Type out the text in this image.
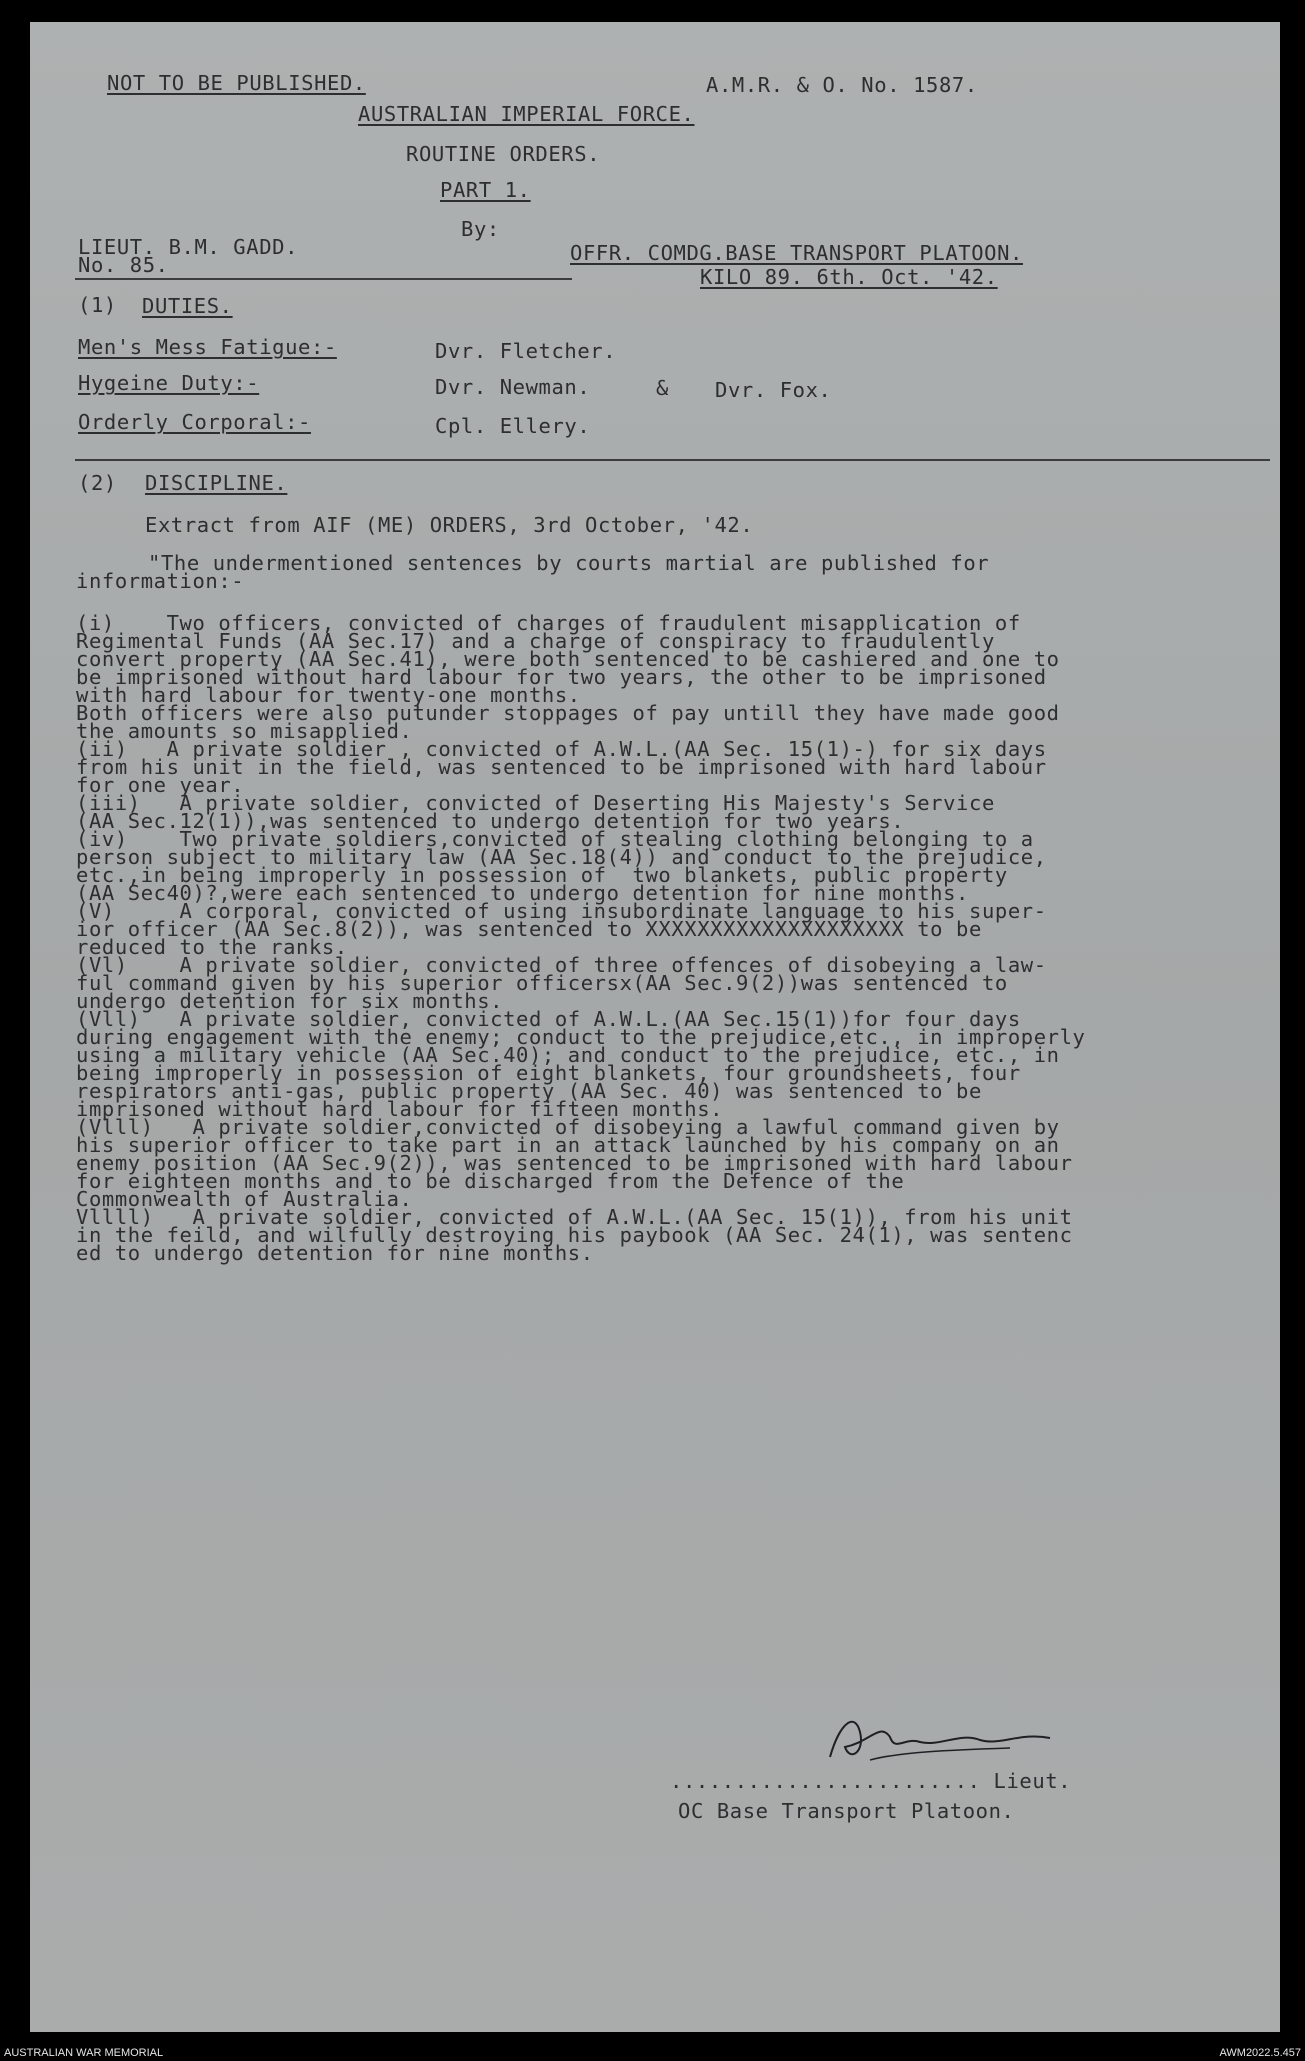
NOT TO BE PUBLISHED.	A.M.R. & O. No. 1587.
AUSTRALIAN IMPERIAL FORCE.
ROUTINE ORDERS.
PART 1.
By:
LIEUT. B.M. GADD.	OFFR. COMDG.BASE TRANSPORT PLATOON.
No. 85.	KILO 89. 6th. Oct. '42.
(1) DUTIES.
Men's Mess Fatigue:-	Dvr. Fletcher.
Hygeine Duty:-	Dvr. Newman.	& Dvr. Fox.
Orderly Corporal:-	Cpl. Ellery.
(2) DISCIPLINE.
Extract from AIF (ME) ORDERS, 3rd October, '42.
"The undermentioned sentences by courts martial are published for
information:-
(i)    Two officers, convicted of charges of fraudulent misapplication of
Regimental Funds (AA Sec.17) and a charge of conspiracy to fraudulently
convert property (AA Sec.41), were both sentenced to be cashiered and one to
be imprisoned without hard labour for two years, the other to be imprisoned
with hard labour for twenty-one months.
Both officers were also putunder stoppages of pay untill they have made good
the amounts so misapplied.
(ii)   A private soldier , convicted of A.W.L.(AA Sec. 15(1)-) for six days
from his unit in the field, was sentenced to be imprisoned with hard labour
for one year.
(iii)   A private soldier, convicted of Deserting His Majesty's Service
(AA Sec.12(1)),was sentenced to undergo detention for two years.
(iv)    Two private soldiers,convicted of stealing clothing belonging to a
person subject to military law (AA Sec.18(4)) and conduct to the prejudice,
etc.,in being improperly in possession of  two blankets, public property
(AA Sec40)?,were each sentenced to undergo detention for nine months.
(V)     A corporal, convicted of using insubordinate language to his super-
ior officer (AA Sec.8(2)), was sentenced to XXXXXXXXXXXXXXXXXXXX to be
reduced to the ranks.
(Vl)    A private soldier, convicted of three offences of disobeying a law-
ful command given by his superior officersx(AA Sec.9(2))was sentenced to
undergo detention for six months.
(Vll)   A private soldier, convicted of A.W.L.(AA Sec.15(1))for four days
during engagement with the enemy; conduct to the prejudice,etc., in improperly
using a military vehicle (AA Sec.40); and conduct to the prejudice, etc., in
being improperly in possession of eight blankets, four groundsheets, four
respirators anti-gas, public property (AA Sec. 40) was sentenced to be
imprisoned without hard labour for fifteen months.
(Vlll)   A private soldier,convicted of disobeying a lawful command given by
his superior officer to take part in an attack launched by his company on an
enemy position (AA Sec.9(2)), was sentenced to be imprisoned with hard labour
for eighteen months and to be discharged from the Defence of the
Commonwealth of Australia.
Vllll)   A private soldier, convicted of A.W.L.(AA Sec. 15(1)), from his unit
in the feild, and wilfully destroying his paybook (AA Sec. 24(1), was sentenc
ed to undergo detention for nine months.
........................ Lieut.
OC Base Transport Platoon.
AUSTRALIAN WAR MEMORIAL	AWM2022.5.457
